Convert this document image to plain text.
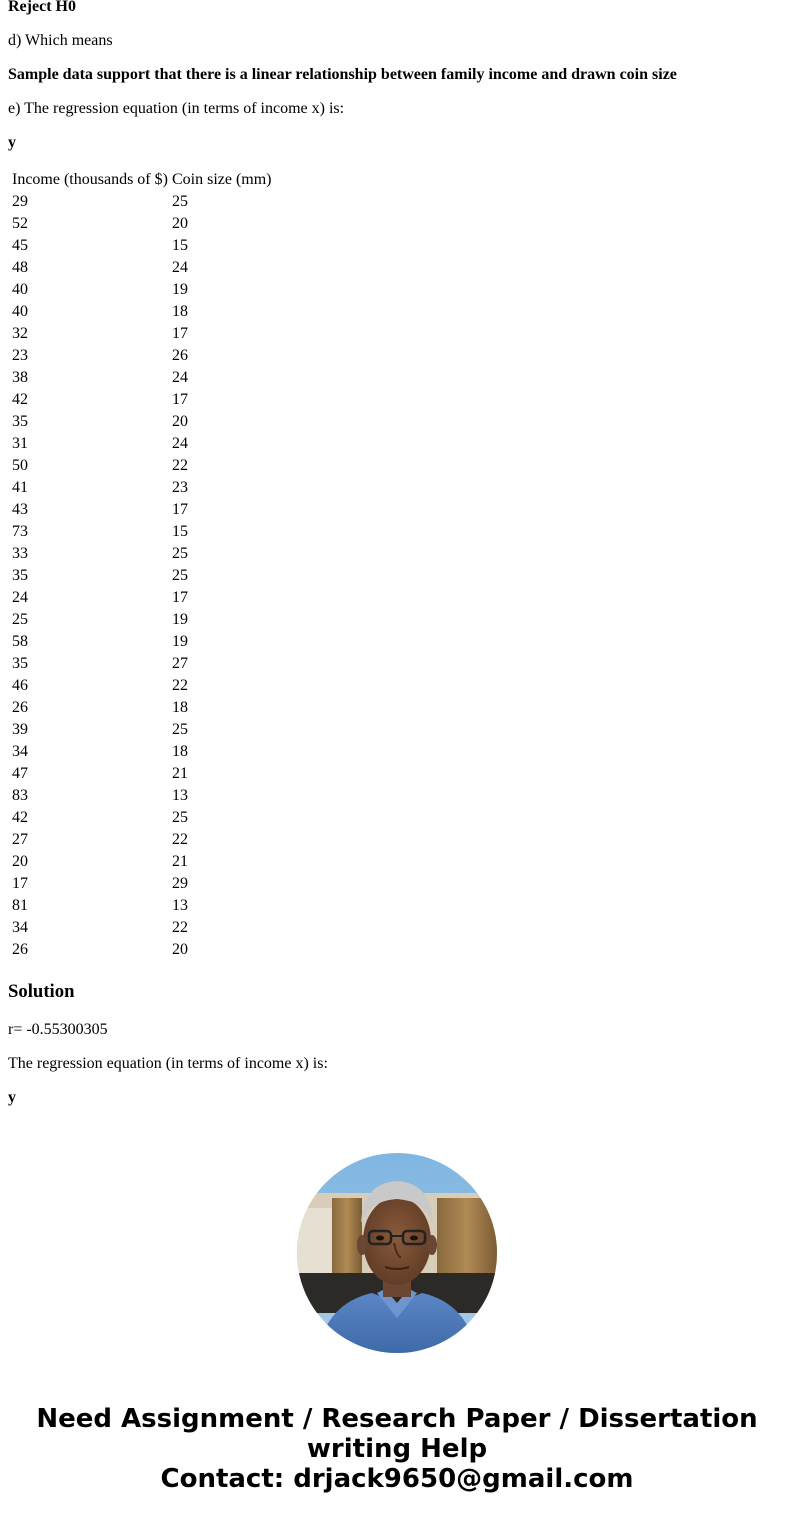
Reject H0
d) Which means
Sample data support that there is a linear relationship between family income and drawn coin size
e) The regression equation (in terms of income x) is:
y
Income (thousands of $)	Coin size (mm)
29	25
52	20
45	15
48	24
40	19
40	18
32	17
23	26
38	24
42	17
35	20
31	24
50	22
41	23
43	17
73	15
33	25
35	25
24	17
25	19
58	19
35	27
46	22
26	18
39	25
34	18
47	21
83	13
42	25
27	22
20	21
17	29
81	13
34	22
26	20
Solution
r= -0.55300305
The regression equation (in terms of income x) is:
y
Need Assignment / Research Paper / Dissertation
writing Help
Contact: drjack9650@gmail.com
